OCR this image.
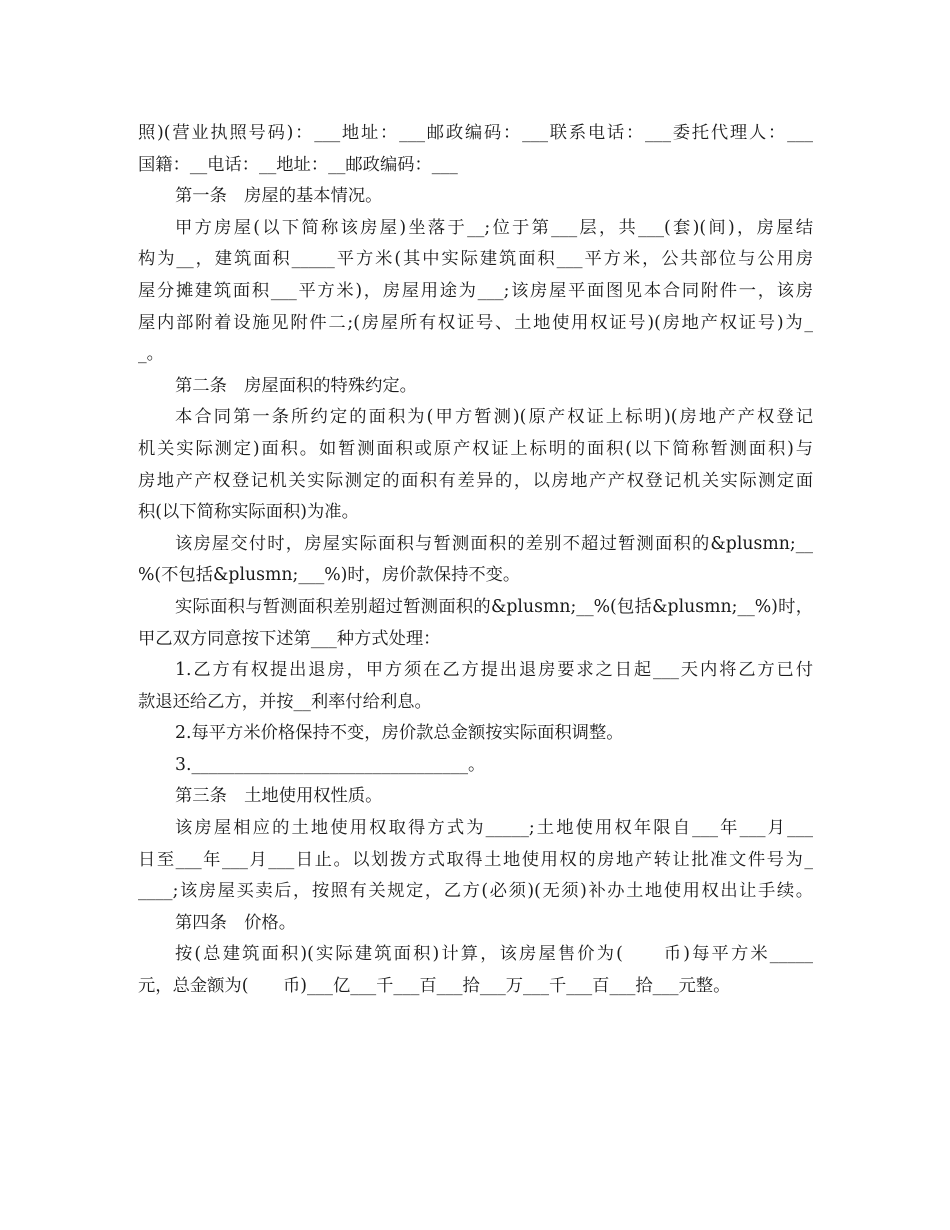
照)(营业执照号码)：___地址：___邮政编码：___联系电话：___委托代理人：___
国籍：__电话：__地址：__邮政编码：___
第一条　房屋的基本情况。
甲方房屋(以下简称该房屋)坐落于__;位于第___层，共___(套)(间)，房屋结
构为__，建筑面积_____平方米(其中实际建筑面积___平方米，公共部位与公用房
屋分摊建筑面积___平方米)，房屋用途为___;该房屋平面图见本合同附件一，该房
屋内部附着设施见附件二;(房屋所有权证号、土地使用权证号)(房地产权证号)为_
_。
第二条　房屋面积的特殊约定。
本合同第一条所约定的面积为(甲方暂测)(原产权证上标明)(房地产产权登记
机关实际测定)面积。如暂测面积或原产权证上标明的面积(以下简称暂测面积)与
房地产产权登记机关实际测定的面积有差异的，以房地产产权登记机关实际测定面
积(以下简称实际面积)为准。
该房屋交付时，房屋实际面积与暂测面积的差别不超过暂测面积的&plusmn;__
%(不包括&plusmn;___%)时，房价款保持不变。
实际面积与暂测面积差别超过暂测面积的&plusmn;__%(包括&plusmn;__%)时，
甲乙双方同意按下述第___种方式处理：
1.乙方有权提出退房，甲方须在乙方提出退房要求之日起___天内将乙方已付
款退还给乙方，并按__利率付给利息。
2.每平方米价格保持不变，房价款总金额按实际面积调整。
3.________________________________。
第三条　土地使用权性质。
该房屋相应的土地使用权取得方式为_____;土地使用权年限自___年___月___
日至___年___月___日止。以划拨方式取得土地使用权的房地产转让批准文件号为_
____;该房屋买卖后，按照有关规定，乙方(必须)(无须)补办土地使用权出让手续。
第四条　价格。
按(总建筑面积)(实际建筑面积)计算，该房屋售价为(　　币)每平方米_____
元，总金额为(　　币)___亿___千___百___拾___万___千___百___拾___元整。
